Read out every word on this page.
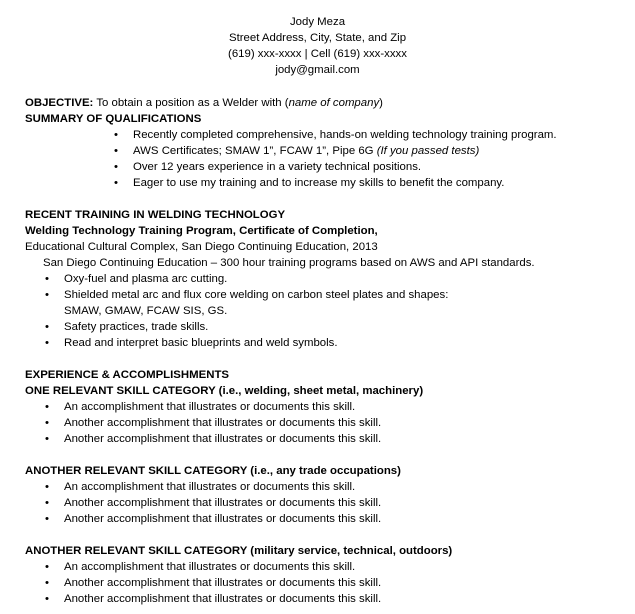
Jody Meza
Street Address, City, State, and Zip
(619) xxx-xxxx | Cell (619) xxx-xxxx
jody@gmail.com
OBJECTIVE: To obtain a position as a Welder with (name of company)
SUMMARY OF QUALIFICATIONS
•	Recently completed comprehensive, hands-on welding technology training program.
•	AWS Certificates; SMAW 1”, FCAW 1”, Pipe 6G (If you passed tests)
•	Over 12 years experience in a variety technical positions.
•	Eager to use my training and to increase my skills to benefit the company.
RECENT TRAINING IN WELDING TECHNOLOGY
Welding Technology Training Program, Certificate of Completion,
Educational Cultural Complex, San Diego Continuing Education, 2013
San Diego Continuing Education – 300 hour training programs based on AWS and API standards.
•	Oxy-fuel and plasma arc cutting.
•	Shielded metal arc and flux core welding on carbon steel plates and shapes:
SMAW, GMAW, FCAW SIS, GS.
•	Safety practices, trade skills.
•	Read and interpret basic blueprints and weld symbols.
EXPERIENCE & ACCOMPLISHMENTS
ONE RELEVANT SKILL CATEGORY (i.e., welding, sheet metal, machinery)
•	An accomplishment that illustrates or documents this skill.
•	Another accomplishment that illustrates or documents this skill.
•	Another accomplishment that illustrates or documents this skill.
ANOTHER RELEVANT SKILL CATEGORY (i.e., any trade occupations)
•	An accomplishment that illustrates or documents this skill.
•	Another accomplishment that illustrates or documents this skill.
•	Another accomplishment that illustrates or documents this skill.
ANOTHER RELEVANT SKILL CATEGORY (military service, technical, outdoors)
•	An accomplishment that illustrates or documents this skill.
•	Another accomplishment that illustrates or documents this skill.
•	Another accomplishment that illustrates or documents this skill.
